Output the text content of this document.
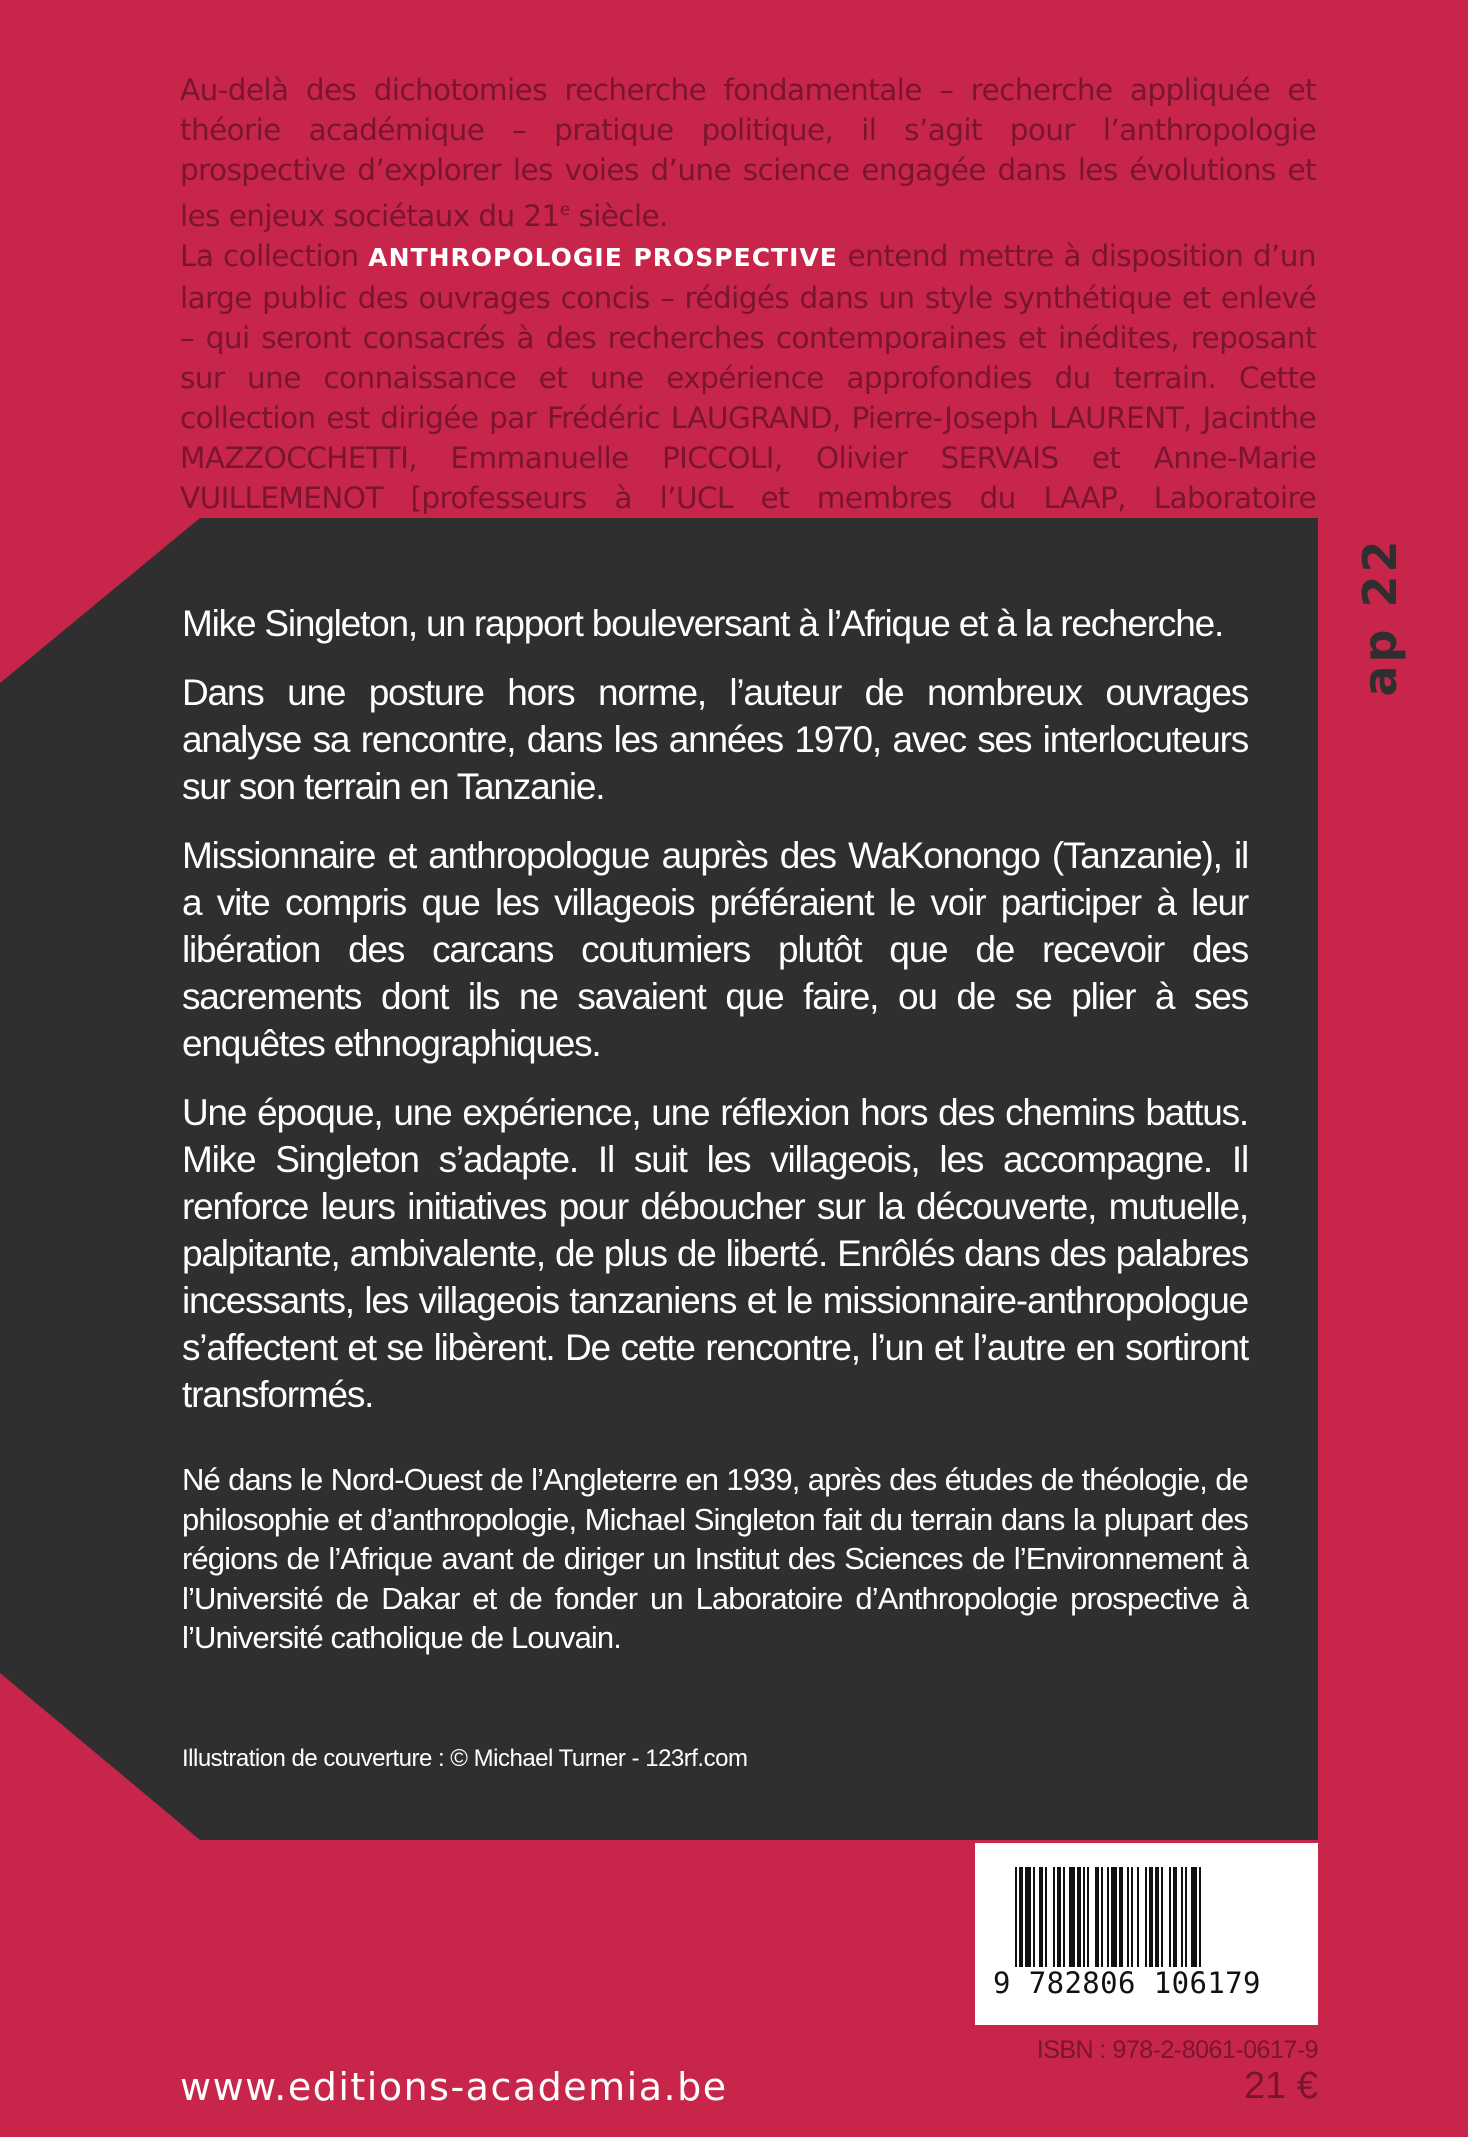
Au-delà des dichotomies recherche fondamentale – recherche appliquée et théorie académique – pratique politique, il s’agit pour l’anthropologie prospective d’explorer les voies d’une science engagée dans les évolutions et les enjeux sociétaux du 21e siècle.

La collection ANTHROPOLOGIE PROSPECTIVE entend mettre à disposition d’un large public des ouvrages concis – rédigés dans un style synthétique et enlevé – qui seront consacrés à des recherches contemporaines et inédites, reposant sur une connaissance et une expérience approfondies du terrain. Cette collection est dirigée par Frédéric LAUGRAND, Pierre-Joseph LAURENT, Jacinthe MAZZOCCHETTI, Emmanuelle PICCOLI, Olivier SERVAIS et Anne-Marie VUILLEMENOT [professeurs à l’UCL et membres du LAAP, Laboratoire

ap 22

Mike Singleton, un rapport bouleversant à l’Afrique et à la recherche.

Dans une posture hors norme, l’auteur de nombreux ouvrages analyse sa rencontre, dans les années 1970, avec ses interlocuteurs sur son terrain en Tanzanie.

Missionnaire et anthropologue auprès des WaKonongo (Tanzanie), il a vite compris que les villageois préféraient le voir participer à leur libération des carcans coutumiers plutôt que de recevoir des sacrements dont ils ne savaient que faire, ou de se plier à ses enquêtes ethnographiques.

Une époque, une expérience, une réflexion hors des chemins battus. Mike Singleton s’adapte. Il suit les villageois, les accompagne. Il renforce leurs initiatives pour déboucher sur la découverte, mutuelle, palpitante, ambivalente, de plus de liberté. Enrôlés dans des palabres incessants, les villageois tanzaniens et le missionnaire-anthropologue s’affectent et se libèrent. De cette rencontre, l’un et l’autre en sortiront transformés.

Né dans le Nord-Ouest de l’Angleterre en 1939, après des études de théologie, de philosophie et d’anthropologie, Michael Singleton fait du terrain dans la plupart des régions de l’Afrique avant de diriger un Institut des Sciences de l’Environnement à l’Université de Dakar et de fonder un Laboratoire d’Anthropologie prospective à l’Université catholique de Louvain.

Illustration de couverture : © Michael Turner - 123rf.com

9 782806 106179
ISBN : 978-2-8061-0617-9
21 €
www.editions-academia.be
